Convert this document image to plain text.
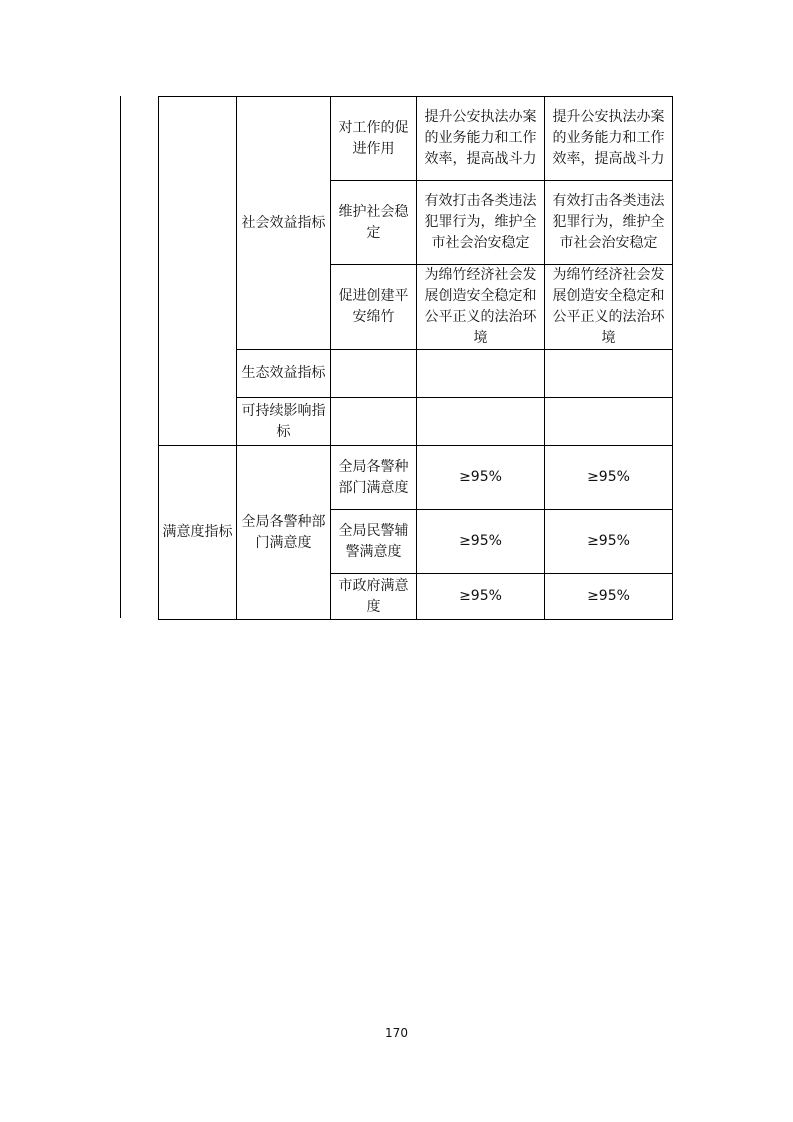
	社会效益指标	对工作的促进作用	提升公安执法办案的业务能力和工作效率，提高战斗力	提升公安执法办案的业务能力和工作效率，提高战斗力
		维护社会稳定	有效打击各类违法犯罪行为，维护全市社会治安稳定	有效打击各类违法犯罪行为，维护全市社会治安稳定
		促进创建平安绵竹	为绵竹经济社会发展创造安全稳定和公平正义的法治环境	为绵竹经济社会发展创造安全稳定和公平正义的法治环境
	生态效益指标			
	可持续影响指标			
满意度指标	全局各警种部门满意度	全局各警种部门满意度	≥95%	≥95%
		全局民警辅警满意度	≥95%	≥95%
		市政府满意度	≥95%	≥95%
170
